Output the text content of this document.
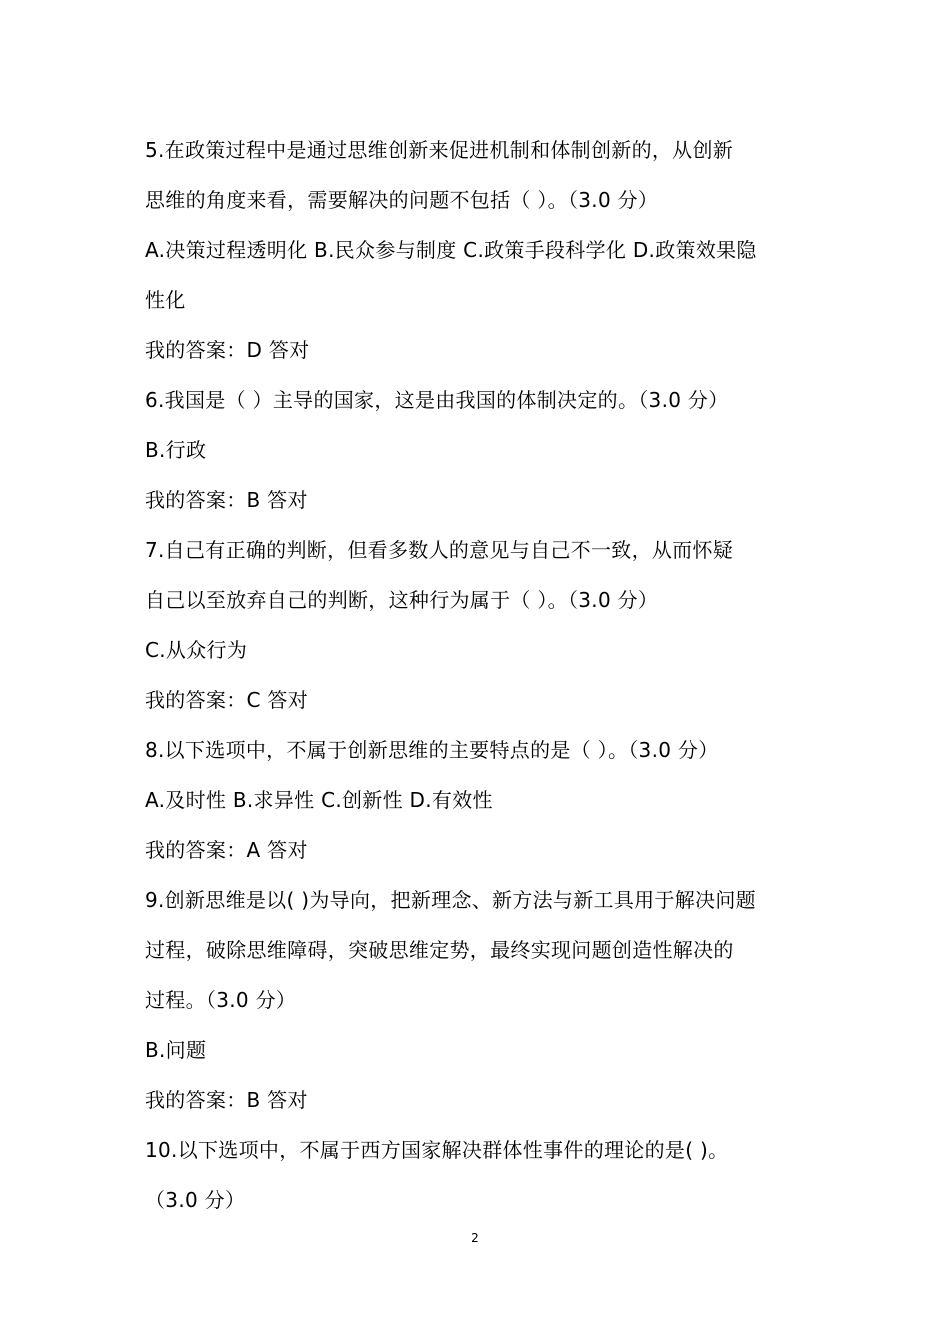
5.在政策过程中是通过思维创新来促进机制和体制创新的，从创新
思维的角度来看，需要解决的问题不包括（ ）。（3.0 分）
A.决策过程透明化 B.民众参与制度 C.政策手段科学化 D.政策效果隐
性化
我的答案：D 答对
6.我国是（ ）主导的国家，这是由我国的体制决定的。（3.0 分）
B.行政
我的答案：B 答对
7.自己有正确的判断，但看多数人的意见与自己不一致，从而怀疑
自己以至放弃自己的判断，这种行为属于（ ）。（3.0 分）
C.从众行为
我的答案：C 答对
8.以下选项中，不属于创新思维的主要特点的是（ ）。（3.0 分）
A.及时性 B.求异性 C.创新性 D.有效性
我的答案：A 答对
9.创新思维是以( )为导向，把新理念、新方法与新工具用于解决问题
过程，破除思维障碍，突破思维定势，最终实现问题创造性解决的
过程。（3.0 分）
B.问题
我的答案：B 答对
10.以下选项中，不属于西方国家解决群体性事件的理论的是( )。
（3.0 分）
2
